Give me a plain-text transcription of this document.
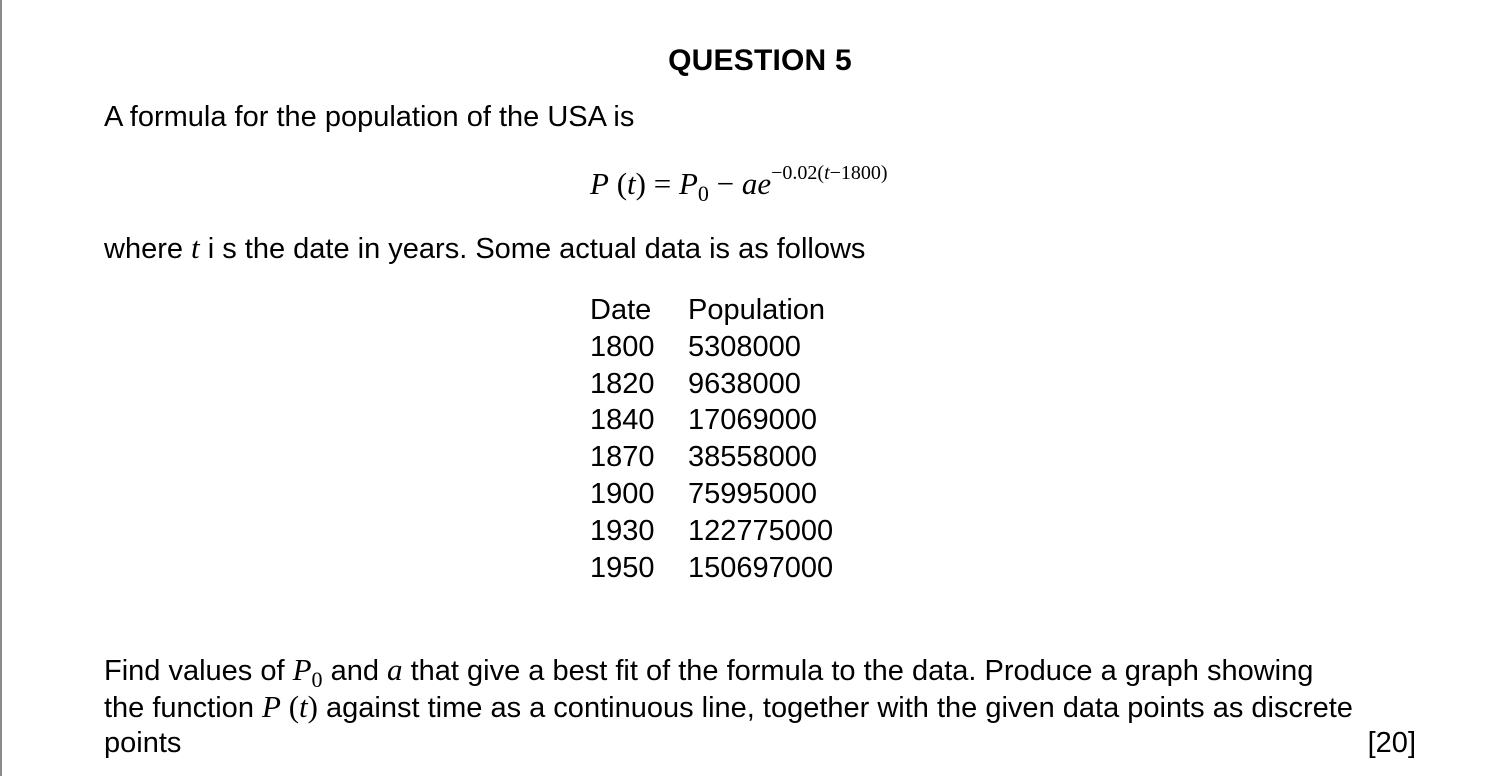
QUESTION 5
A formula for the population of the USA is
P $(t) = P_0 - ae^{-0.02(t-1800)}$
where t i s the date in years. Some actual data is as follows
Date	Population
1800	5308000
1820	9638000
1840	17069000
1870	38558000
1900	75995000
1930	122775000
1950	150697000
Find values of $P_0$ and a that give a best fit of the formula to the data. Produce a graph showing
the function P (t) against time as a continuous line, together with the given data points as discrete
points	[20]
